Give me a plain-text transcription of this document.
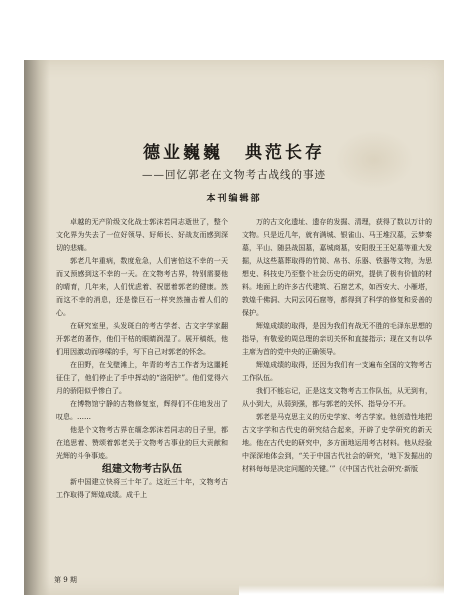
德业巍巍 典范长存
——回忆郭老在文物考古战线的事迹
本刊编辑部

卓越的无产阶级文化战士郭沫若同志逝世了，整个文化界为失去了一位好领导、好师长、好战友而感到深切的悲痛。

郭老几年重病，数度危急，人们害怕这不幸的一天而又预感到这不幸的一天。在文物考古界，特别需要他的晴育，几年来，人们忧虑着、祝愿着郭老的健康。然而这不幸的消息，还是像巨石一样突然撞击着人们的心。

在研究室里，头发斑白的考古学者、古文字学家翻开郭老的著作，他们干枯的眼睛润湿了。展开稿纸，他们用因激动而哆嗦的手，写下自己对郭老的怀念。

在田野，在戈壁滩上，年青的考古工作者为这噩耗征住了，他们停止了手中挥动的“洛阳铲”。他们觉得六月的骄阳似乎惨白了。

在博物馆宁静的古物修复室，辉得们不住地发出了叹息。……

他是个文物考古界在缅念郭沫若同志的日子里，都在追思着、赞颂着郭老关于文物考古事业的巨大贡献和光辉的斗争事迹。

组建文物考古队伍

新中国建立快将三十年了。这近三十年，文物考古工作取得了辉煌成绩。成千上

万的古文化遗址、遗存的发掘、清理，获得了数以万计的文物。只是近几年，就有满城、银雀山、马王堆汉墓，云梦秦墓，平山、随县战国墓，嘉城商墓，安阳殷王王妃墓等重大发掘，从这些墓葬取得的竹简、帛书、乐器、铁器等文物，为思想史、科技史乃至整个社会历史的研究，提供了极有价值的材料。地面上的许多古代建筑、石窟艺术，如西安大、小雁塔，敦煌千佛洞、大同云冈石窟等，都得到了科学的修复和妥善的保护。

辉煌成绩的取得，是因为我们有战无不胜的毛泽东思想的指导，有敬爱的周总理的亲切关怀和直接指示；现在又有以华主席为首的党中央的正确领导。

辉煌成绩的取得，还因为我们有一支遍布全国的文物考古工作队伍。

我们不能忘记，正是这支文物考古工作队伍，从无到有，从小到大，从弱到强，都与郭老的关怀、指导分不开。

郭老是马克思主义的历史学家、考古学家。他创造性地把古文字学和古代史的研究结合起来，开辟了史学研究的新天地。他在古代史的研究中，多方面地运用考古材料。他从经验中深深地体会到，“关于中国古代社会的研究，‘地下发掘出的材料每每是决定问题的关键。’”（《中国古代社会研究·新版

第 9 期
